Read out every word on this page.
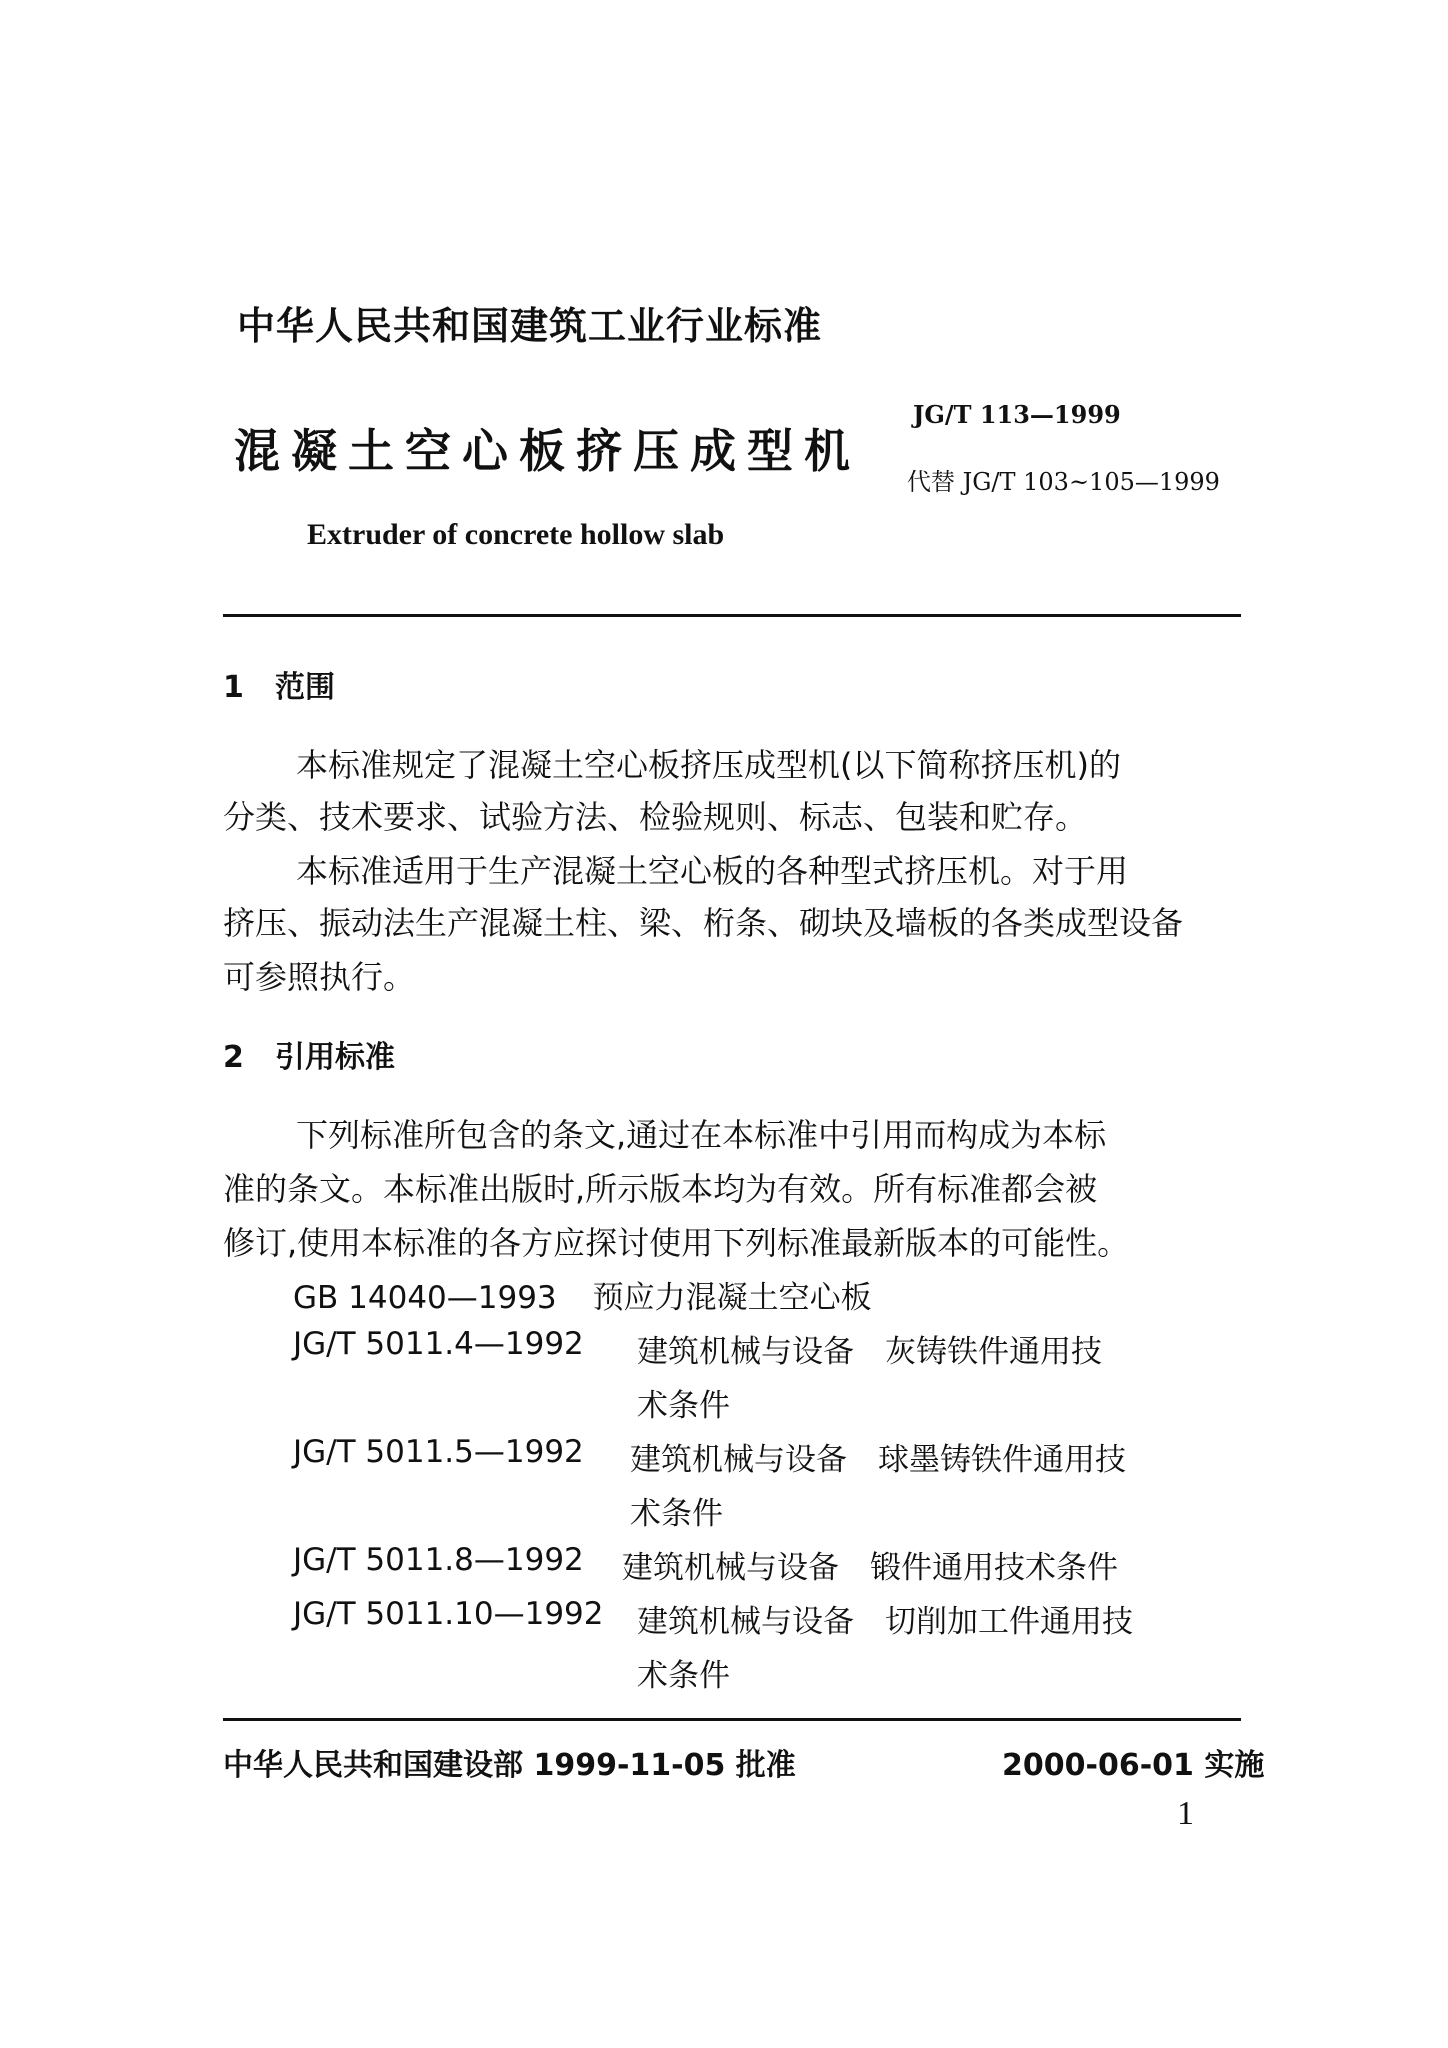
中华人民共和国建筑工业行业标准
混凝土空心板挤压成型机
JG/T 113—1999
代替 JG/T 103~105—1999
Extruder of concrete hollow slab
1 范围
本标准规定了混凝土空心板挤压成型机(以下简称挤压机)的
分类、技术要求、试验方法、检验规则、标志、包装和贮存。
本标准适用于生产混凝土空心板的各种型式挤压机。对于用
挤压、振动法生产混凝土柱、梁、桁条、砌块及墙板的各类成型设备
可参照执行。
2 引用标准
下列标准所包含的条文,通过在本标准中引用而构成为本标
准的条文。本标准出版时,所示版本均为有效。所有标准都会被
修订,使用本标准的各方应探讨使用下列标准最新版本的可能性。
GB 14040—1993 预应力混凝土空心板
JG/T 5011.4—1992 建筑机械与设备　灰铸铁件通用技
术条件
JG/T 5011.5—1992 建筑机械与设备　球墨铸铁件通用技
术条件
JG/T 5011.8—1992 建筑机械与设备　锻件通用技术条件
JG/T 5011.10—1992 建筑机械与设备　切削加工件通用技
术条件
中华人民共和国建设部 1999-11-05 批准	2000-06-01 实施
1
